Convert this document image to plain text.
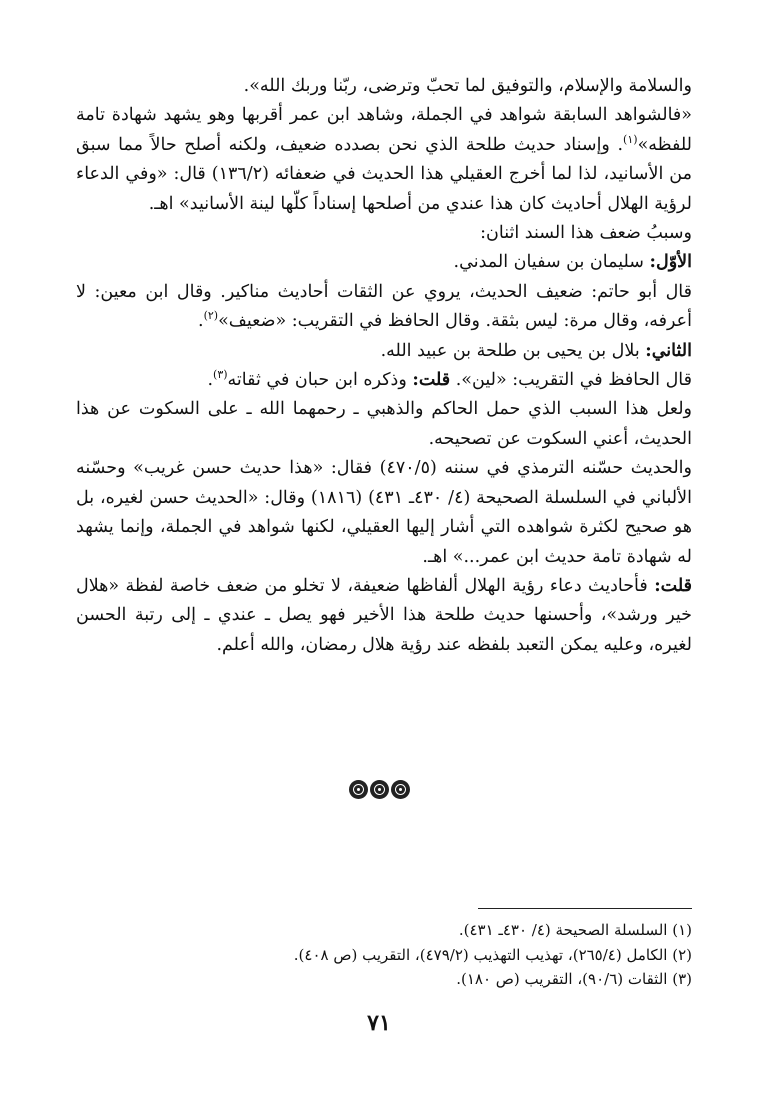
والسلامة والإسلام، والتوفيق لما تحبّ وترضى، ربّنا وربك الله».

«فالشواهد السابقة شواهد في الجملة، وشاهد ابن عمر أقربها وهو يشهد شهادة تامة للفظه»$^{(١)}$. وإسناد حديث طلحة الذي نحن بصدده ضعيف، ولكنه أصلح حالاً مما سبق من الأسانيد، لذا لما أخرج العقيلي هذا الحديث في ضعفائه (١٣٦/٢) قال: «وفي الدعاء لرؤية الهلال أحاديث كان هذا عندي من أصلحها إسناداً كلّها لينة الأسانيد» اهـ.

وسببُ ضعف هذا السند اثنان:

الأوّل: سليمان بن سفيان المدني.

قال أبو حاتم: ضعيف الحديث، يروي عن الثقات أحاديث مناكير. وقال ابن معين: لا أعرفه، وقال مرة: ليس بثقة. وقال الحافظ في التقريب: «ضعيف»$^{(٢)}$.

الثاني: بلال بن يحيى بن طلحة بن عبيد الله.

قال الحافظ في التقريب: «لين». قلت: وذكره ابن حبان في ثقاته$^{(٣)}$.

ولعل هذا السبب الذي حمل الحاكم والذهبي ـ رحمهما الله ـ على السكوت عن هذا الحديث، أعني السكوت عن تصحيحه.

والحديث حسّنه الترمذي في سننه (٤٧٠/٥) فقال: «هذا حديث حسن غريب» وحسّنه الألباني في السلسلة الصحيحة (٤/ ٤٣٠ـ ٤٣١) (١٨١٦) وقال: «الحديث حسن لغيره، بل هو صحيح لكثرة شواهده التي أشار إليها العقيلي، لكنها شواهد في الجملة، وإنما يشهد له شهادة تامة حديث ابن عمر...» اهـ.

قلت: فأحاديث دعاء رؤية الهلال ألفاظها ضعيفة، لا تخلو من ضعف خاصة لفظة «هلال خير ورشد»، وأحسنها حديث طلحة هذا الأخير فهو يصل ـ عندي ـ إلى رتبة الحسن لغيره، وعليه يمكن التعبد بلفظه عند رؤية هلال رمضان، والله أعلم.

(١) السلسلة الصحيحة (٤/ ٤٣٠ـ ٤٣١).

(٢) الكامل (٢٦٥/٤)، تهذيب التهذيب (٤٧٩/٢)، التقريب (ص ٤٠٨).

(٣) الثقات (٩٠/٦)، التقريب (ص ١٨٠).

٧١
